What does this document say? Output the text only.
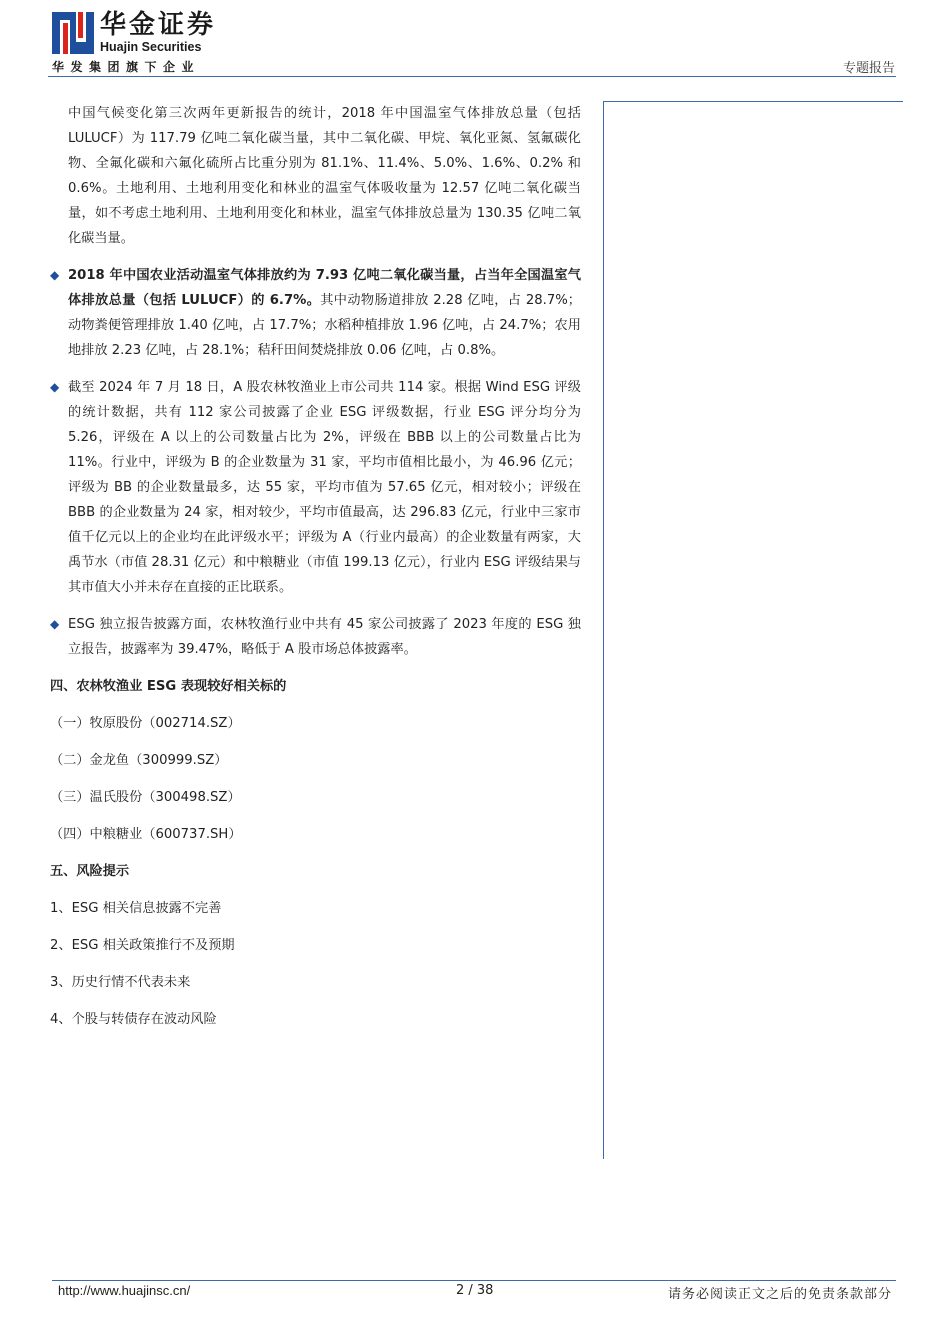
华金证券
Huajin Securities
华发集团旗下企业	专题报告

中国气候变化第三次两年更新报告的统计，2018 年中国温室气体排放总量（包括 LULUCF）为 117.79 亿吨二氧化碳当量，其中二氧化碳、甲烷、氧化亚氮、氢氟碳化物、全氟化碳和六氟化硫所占比重分别为 81.1%、11.4%、5.0%、1.6%、0.2% 和 0.6%。土地利用、土地利用变化和林业的温室气体吸收量为 12.57 亿吨二氧化碳当量，如不考虑土地利用、土地利用变化和林业，温室气体排放总量为 130.35 亿吨二氧化碳当量。

◆ 2018 年中国农业活动温室气体排放约为 7.93 亿吨二氧化碳当量，占当年全国温室气体排放总量（包括 LULUCF）的 6.7%。其中动物肠道排放 2.28 亿吨，占 28.7%；动物粪便管理排放 1.40 亿吨，占 17.7%；水稻种植排放 1.96 亿吨，占 24.7%；农用地排放 2.23 亿吨，占 28.1%；秸秆田间焚烧排放 0.06 亿吨，占 0.8%。

◆ 截至 2024 年 7 月 18 日，A 股农林牧渔业上市公司共 114 家。根据 Wind ESG 评级的统计数据，共有 112 家公司披露了企业 ESG 评级数据，行业 ESG 评分均分为 5.26，评级在 A 以上的公司数量占比为 2%，评级在 BBB 以上的公司数量占比为 11%。行业中，评级为 B 的企业数量为 31 家，平均市值相比最小，为 46.96 亿元；评级为 BB 的企业数量最多，达 55 家，平均市值为 57.65 亿元，相对较小；评级在 BBB 的企业数量为 24 家，相对较少，平均市值最高，达 296.83 亿元，行业中三家市值千亿元以上的企业均在此评级水平；评级为 A（行业内最高）的企业数量有两家，大禹节水（市值 28.31 亿元）和中粮糖业（市值 199.13 亿元），行业内 ESG 评级结果与其市值大小并未存在直接的正比联系。

◆ ESG 独立报告披露方面，农林牧渔行业中共有 45 家公司披露了 2023 年度的 ESG 独立报告，披露率为 39.47%，略低于 A 股市场总体披露率。

四、农林牧渔业 ESG 表现较好相关标的
（一）牧原股份（002714.SZ）
（二）金龙鱼（300999.SZ）
（三）温氏股份（300498.SZ）
（四）中粮糖业（600737.SH）
五、风险提示
1、ESG 相关信息披露不完善
2、ESG 相关政策推行不及预期
3、历史行情不代表未来
4、个股与转债存在波动风险
http://www.huajinsc.cn/	2 / 38	请务必阅读正文之后的免责条款部分
